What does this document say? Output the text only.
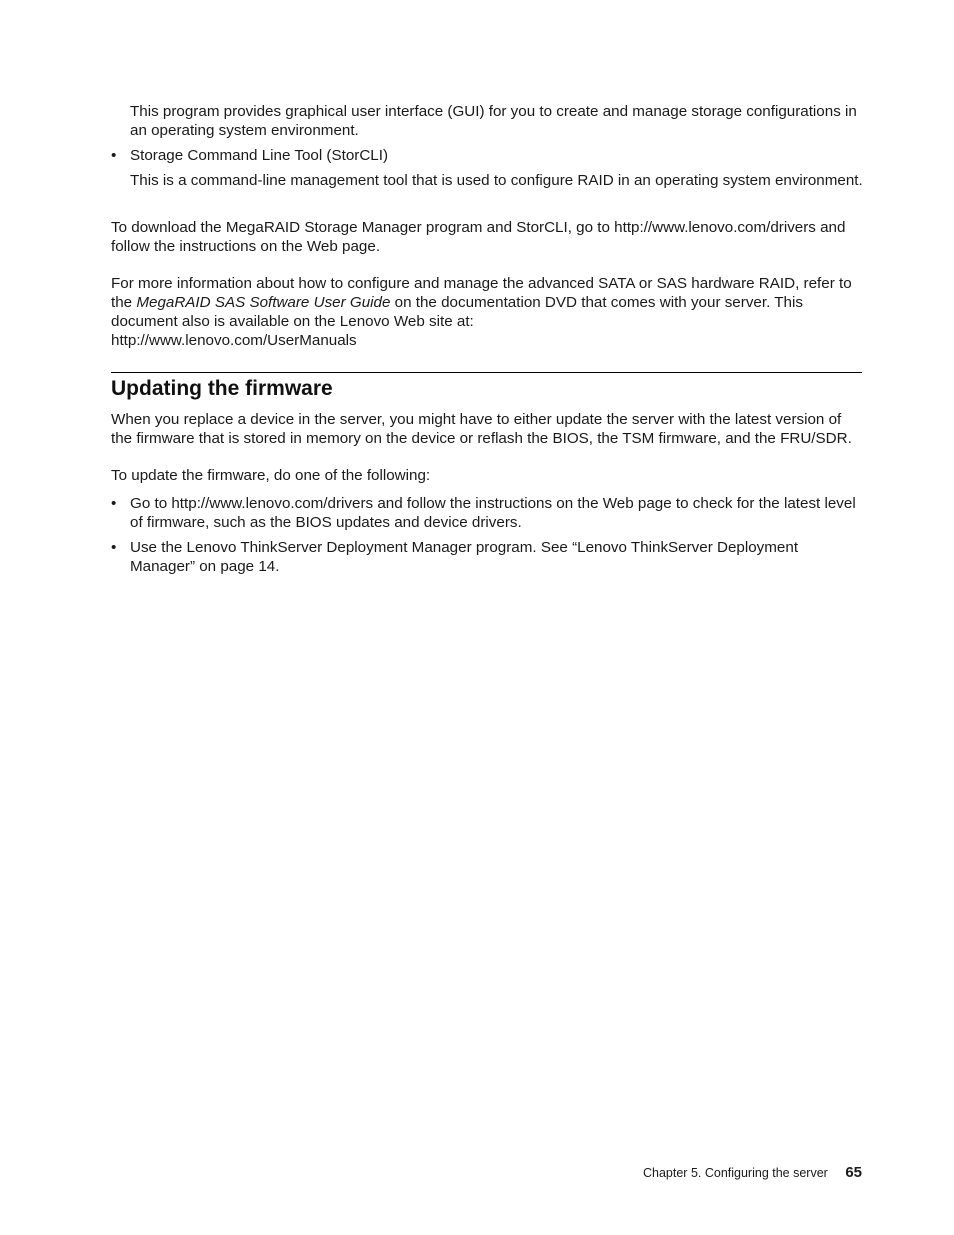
This program provides graphical user interface (GUI) for you to create and manage storage configurations in an operating system environment.

• Storage Command Line Tool (StorCLI)

This is a command-line management tool that is used to configure RAID in an operating system environment.

To download the MegaRAID Storage Manager program and StorCLI, go to http://www.lenovo.com/drivers and follow the instructions on the Web page.

For more information about how to configure and manage the advanced SATA or SAS hardware RAID, refer to the MegaRAID SAS Software User Guide on the documentation DVD that comes with your server. This document also is available on the Lenovo Web site at:
http://www.lenovo.com/UserManuals

Updating the firmware

When you replace a device in the server, you might have to either update the server with the latest version of the firmware that is stored in memory on the device or reflash the BIOS, the TSM firmware, and the FRU/SDR.

To update the firmware, do one of the following:

• Go to http://www.lenovo.com/drivers and follow the instructions on the Web page to check for the latest level of firmware, such as the BIOS updates and device drivers.
• Use the Lenovo ThinkServer Deployment Manager program. See “Lenovo ThinkServer Deployment Manager” on page 14.
Chapter 5. Configuring the server 65
